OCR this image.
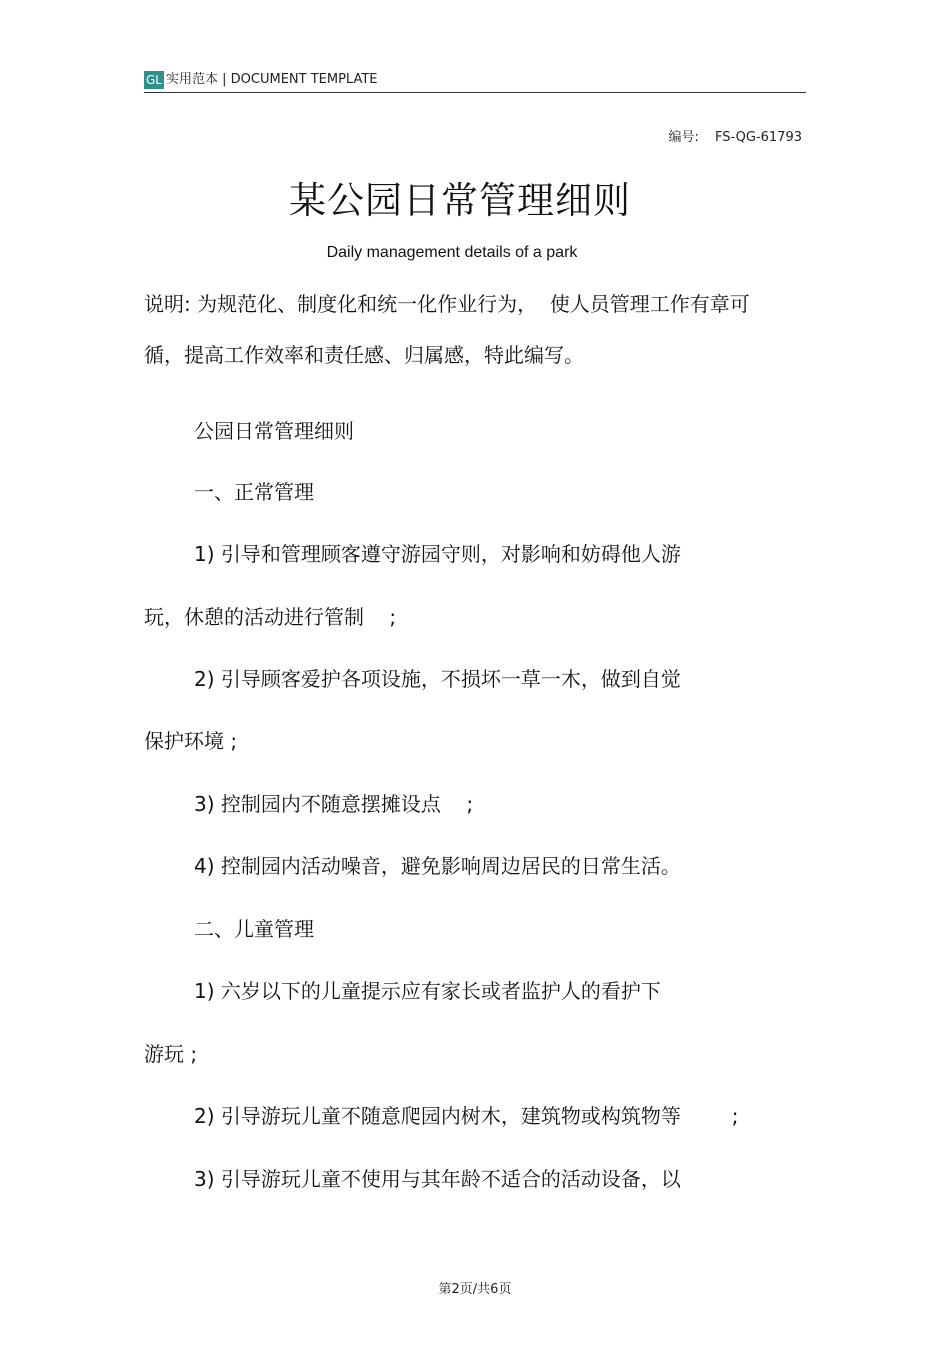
GL 实用范本 | DOCUMENT TEMPLATE
编号: FS-QG-61793
某公园日常管理细则
Daily management details of a park
说明: 为规范化、制度化和统一化作业行为，  使人员管理工作有章可
循，提高工作效率和责任感、归属感，特此编写。
公园日常管理细则
一、正常管理
1) 引导和管理顾客遵守游园守则，对影响和妨碍他人游
玩，休憩的活动进行管制    ;
2) 引导顾客爱护各项设施，不损坏一草一木，做到自觉
保护环境 ;
3) 控制园内不随意摆摊设点    ;
4) 控制园内活动噪音，避免影响周边居民的日常生活。
二、儿童管理
1) 六岁以下的儿童提示应有家长或者监护人的看护下
游玩 ;
2) 引导游玩儿童不随意爬园内树木，建筑物或构筑物等        ;
3) 引导游玩儿童不使用与其年龄不适合的活动设备，以
第2页/共6页
